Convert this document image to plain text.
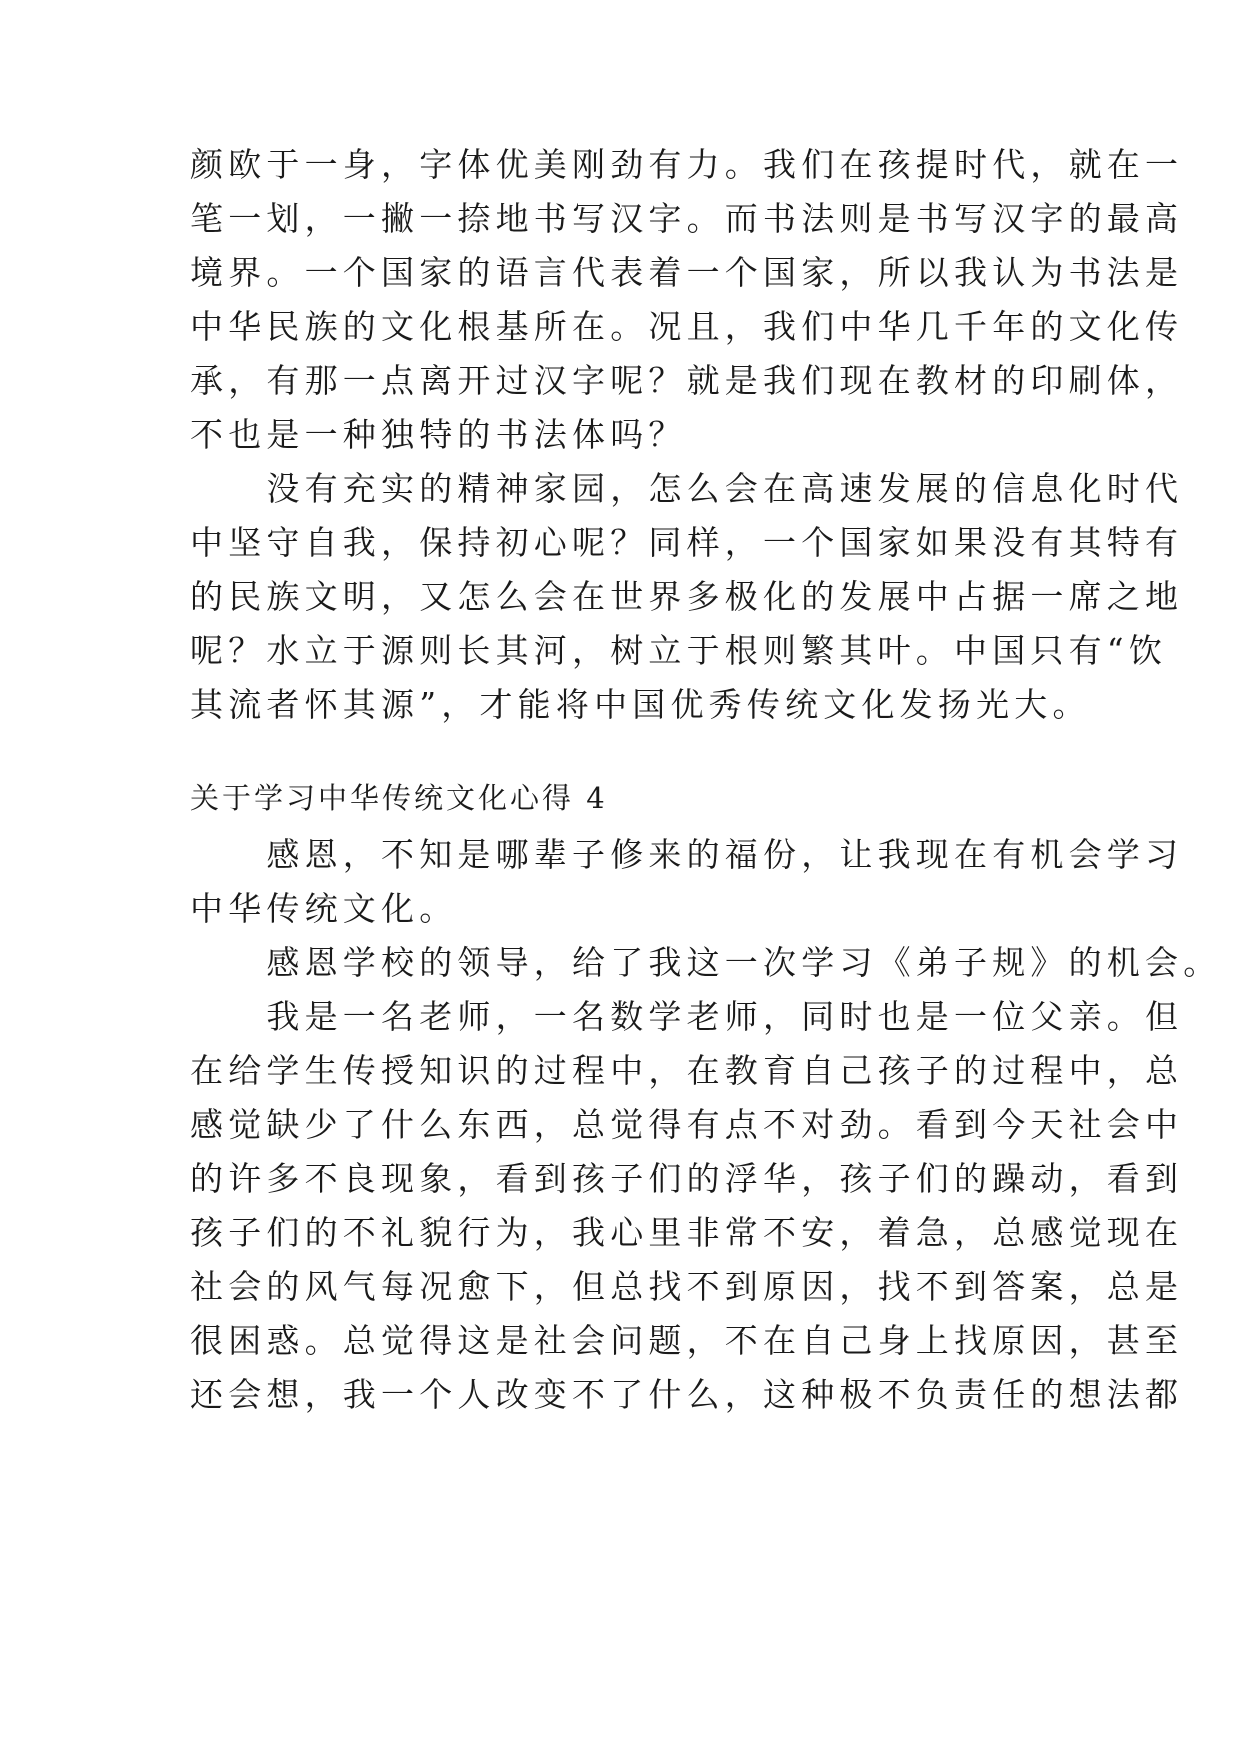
颜欧于一身，字体优美刚劲有力。我们在孩提时代，就在一
笔一划，一撇一捺地书写汉字。而书法则是书写汉字的最高
境界。一个国家的语言代表着一个国家，所以我认为书法是
中华民族的文化根基所在。况且，我们中华几千年的文化传
承，有那一点离开过汉字呢？就是我们现在教材的印刷体，
不也是一种独特的书法体吗？
　　没有充实的精神家园，怎么会在高速发展的信息化时代
中坚守自我，保持初心呢？同样，一个国家如果没有其特有
的民族文明，又怎么会在世界多极化的发展中占据一席之地
呢？水立于源则长其河，树立于根则繁其叶。中国只有“饮
其流者怀其源”，才能将中国优秀传统文化发扬光大。
关于学习中华传统文化心得 4
　　感恩，不知是哪辈子修来的福份，让我现在有机会学习
中华传统文化。
　　感恩学校的领导，给了我这一次学习《弟子规》的机会。
　　我是一名老师，一名数学老师，同时也是一位父亲。但
在给学生传授知识的过程中，在教育自己孩子的过程中，总
感觉缺少了什么东西，总觉得有点不对劲。看到今天社会中
的许多不良现象，看到孩子们的浮华，孩子们的躁动，看到
孩子们的不礼貌行为，我心里非常不安，着急，总感觉现在
社会的风气每况愈下，但总找不到原因，找不到答案，总是
很困惑。总觉得这是社会问题，不在自己身上找原因，甚至
还会想，我一个人改变不了什么，这种极不负责任的想法都
